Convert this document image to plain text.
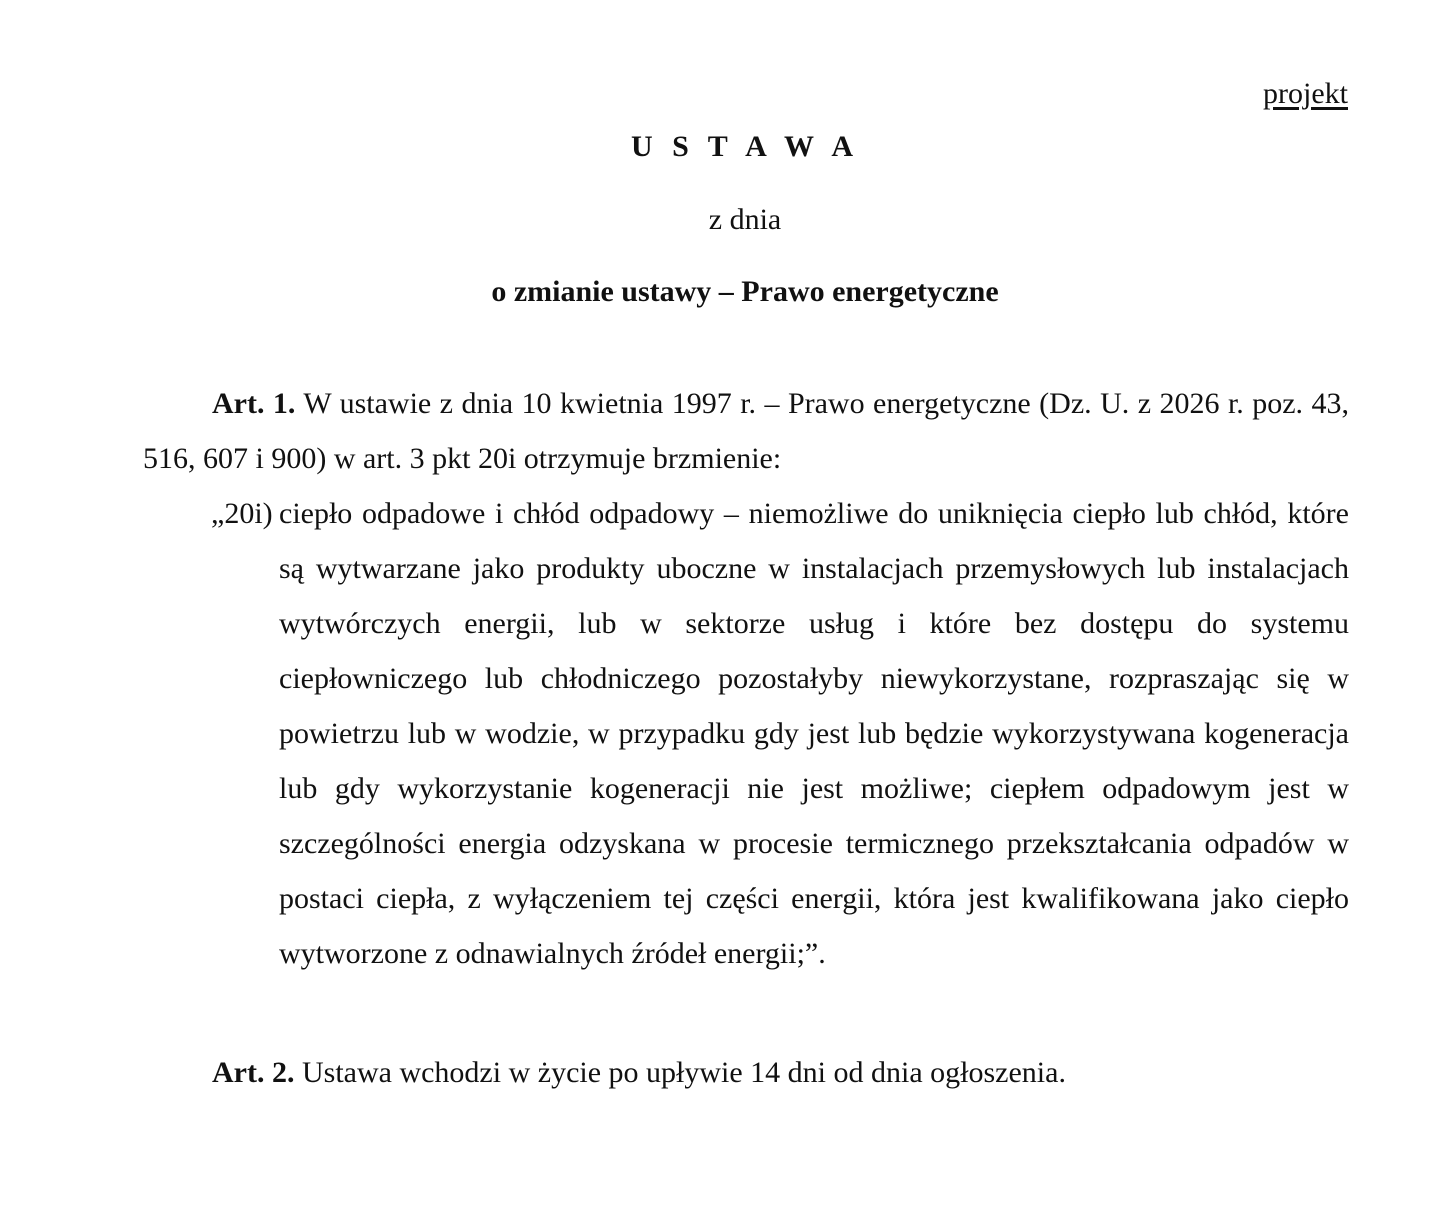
projekt
U S T A W A
z dnia
o zmianie ustawy – Prawo energetyczne

Art. 1. W ustawie z dnia 10 kwietnia 1997 r. – Prawo energetyczne (Dz. U. z 2026 r. poz. 43, 516, 607 i 900) w art. 3 pkt 20i otrzymuje brzmienie:

„20i) ciepło odpadowe i chłód odpadowy – niemożliwe do uniknięcia ciepło lub chłód, które są wytwarzane jako produkty uboczne w instalacjach przemysłowych lub instalacjach wytwórczych energii, lub w sektorze usług i które bez dostępu do systemu ciepłowniczego lub chłodniczego pozostałyby niewykorzystane, rozpraszając się w powietrzu lub w wodzie, w przypadku gdy jest lub będzie wykorzystywana kogeneracja lub gdy wykorzystanie kogeneracji nie jest możliwe; ciepłem odpadowym jest w szczególności energia odzyskana w procesie termicznego przekształcania odpadów w postaci ciepła, z wyłączeniem tej części energii, która jest kwalifikowana jako ciepło wytworzone z odnawialnych źródeł energii;”.

Art. 2. Ustawa wchodzi w życie po upływie 14 dni od dnia ogłoszenia.
